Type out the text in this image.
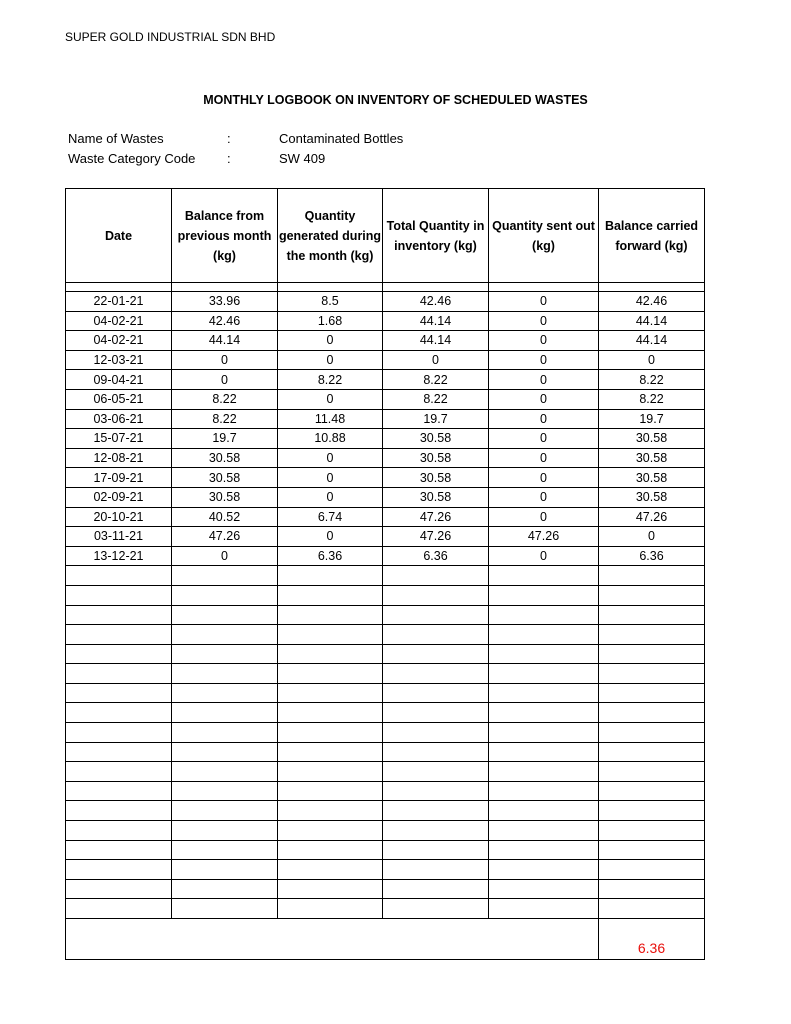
SUPER GOLD INDUSTRIAL SDN BHD
MONTHLY LOGBOOK ON INVENTORY OF SCHEDULED WASTES
Name of Wastes	:	Contaminated Bottles
Waste Category Code :	SW 409
Date	Balance from previous month (kg)	Quantity generated during the month (kg)	Total Quantity in inventory (kg)	Quantity sent out (kg)	Balance carried forward (kg)

22-01-21	33.96	8.5	42.46	0	42.46
04-02-21	42.46	1.68	44.14	0	44.14
04-02-21	44.14	0	44.14	0	44.14
12-03-21	0	0	0	0	0
09-04-21	0	8.22	8.22	0	8.22
06-05-21	8.22	0	8.22	0	8.22
03-06-21	8.22	11.48	19.7	0	19.7
15-07-21	19.7	10.88	30.58	0	30.58
12-08-21	30.58	0	30.58	0	30.58
17-09-21	30.58	0	30.58	0	30.58
02-09-21	30.58	0	30.58	0	30.58
20-10-21	40.52	6.74	47.26	0	47.26
03-11-21	47.26	0	47.26	47.26	0
13-12-21	0	6.36	6.36	0	6.36

					6.36
